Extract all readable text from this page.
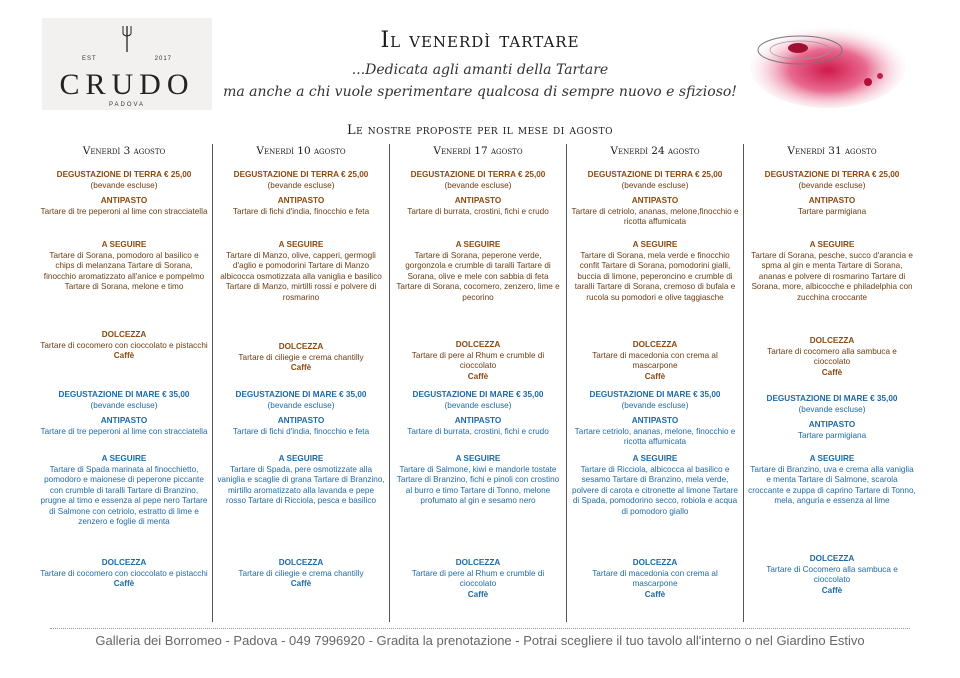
EST	2017
CRUDO
PADOVA
Il venerdì tartare
...Dedicata agli amanti della Tartare
ma anche a chi vuole sperimentare qualcosa di sempre nuovo e sfizioso!
Le nostre proposte per il mese di agosto
Venerdì 3 agosto
DEGUSTAZIONE DI TERRA € 25,00
(bevande escluse)
ANTIPASTO
Tartare di tre peperoni al lime con stracciatella
A SEGUIRE
Tartare di Sorana, pomodoro al basilico e chips di melanzana Tartare di Sorana, finocchio aromatizzato all'anice e pompelmo Tartare di Sorana, melone e timo
DOLCEZZA
Tartare di cocomero con cioccolato e pistacchi
Caffè
DEGUSTAZIONE DI MARE € 35,00
(bevande escluse)
ANTIPASTO
Tartare di tre peperoni al lime con stracciatella
A SEGUIRE
Tartare di Spada marinata al finocchietto, pomodoro e maionese di peperone piccante con crumble di taralli Tartare di Branzino, prugne al timo e essenza al pepe nero Tartare di Salmone con cetriolo, estratto di lime e zenzero e foglie di menta
DOLCEZZA
Tartare di cocomero con cioccolato e pistacchi
Caffè
Venerdì 10 agosto
DEGUSTAZIONE DI TERRA € 25,00
(bevande escluse)
ANTIPASTO
Tartare di fichi d'india, finocchio e feta
A SEGUIRE
Tartare di Manzo, olive, capperi, germogli d'aglio e pomodorini Tartare di Manzo albicocca osmotizzata alla vaniglia e basilico Tartare di Manzo, mirtilli rossi e polvere di rosmarino
DOLCEZZA
Tartare di ciliegie e crema chantilly
Caffè
DEGUSTAZIONE DI MARE € 35,00
(bevande escluse)
ANTIPASTO
Tartare di fichi d'india, finocchio e feta
A SEGUIRE
Tartare di Spada, pere osmotizzate alla vaniglia e scaglie di grana Tartare di Branzino, mirtillo aromatizzato alla lavanda e pepe rosso Tartare di Ricciola, pesca e basilico
DOLCEZZA
Tartare di ciliegie e crema chantilly
Caffè
Venerdì 17 agosto
DEGUSTAZIONE DI TERRA € 25,00
(bevande escluse)
ANTIPASTO
Tartare di burrata, crostini, fichi e crudo
A SEGUIRE
Tartare di Sorana, peperone verde, gorgonzola e crumble di taralli Tartare di Sorana, olive e mele con sabbia di feta Tartare di Sorana, cocomero, zenzero, lime e pecorino
DOLCEZZA
Tartare di pere al Rhum e crumble di cioccolato
Caffè
DEGUSTAZIONE DI MARE € 35,00
(bevande escluse)
ANTIPASTO
Tartare di burrata, crostini, fichi e crudo
A SEGUIRE
Tartare di Salmone, kiwi e mandorle tostate Tartare di Branzino, fichi e pinoli con crostino al burro e timo Tartare di Tonno, melone profumato al gin e sesamo nero
DOLCEZZA
Tartare di pere al Rhum e crumble di cioccolato
Caffè
Venerdì 24 agosto
DEGUSTAZIONE DI TERRA € 25,00
(bevande escluse)
ANTIPASTO
Tartare di cetriolo, ananas, melone,finocchio e ricotta affumicata
A SEGUIRE
Tartare di Sorana, mela verde e finocchio confit Tartare di Sorana, pomodorini gialli, buccia di limone, peperoncino e crumble di taralli Tartare di Sorana, cremoso di bufala e rucola su pomodori e olive taggiasche
DOLCEZZA
Tartare di macedonia con crema al mascarpone
Caffè
DEGUSTAZIONE DI MARE € 35,00
(bevande escluse)
ANTIPASTO
Tartare cetriolo, ananas, melone, finocchio e ricotta affumicata
A SEGUIRE
Tartare di Ricciola, albicocca al basilico e sesamo Tartare di Branzino, mela verde, polvere di carota e citronette al limone Tartare di Spada, pomodorino secco, robiola e acqua di pomodoro giallo
DOLCEZZA
Tartare di macedonia con crema al mascarpone
Caffè
Venerdì 31 agosto
DEGUSTAZIONE DI TERRA € 25,00
(bevande escluse)
ANTIPASTO
Tartare parmigiana
A SEGUIRE
Tartare di Sorana, pesche, succo d'arancia e spma al gin e menta Tartare di Sorana, ananas e polvere di rosmarino Tartare di Sorana, more, albicocche e philadelphia con zucchina croccante
DOLCEZZA
Tartare di cocomero alla sambuca e cioccolato
Caffè
DEGUSTAZIONE DI MARE € 35,00
(bevande escluse)
ANTIPASTO
Tartare parmigiana
A SEGUIRE
Tartare di Branzino, uva e crema alla vaniglia e menta Tartare di Salmone, scarola croccante e zuppa di caprino Tartare di Tonno, mela, anguria e essenza al lime
DOLCEZZA
Tartare di Cocomero alla sambuca e cioccolato
Caffè
Galleria dei Borromeo - Padova - 049 7996920 - Gradita la prenotazione - Potrai scegliere il tuo tavolo all'interno o nel Giardino Estivo
